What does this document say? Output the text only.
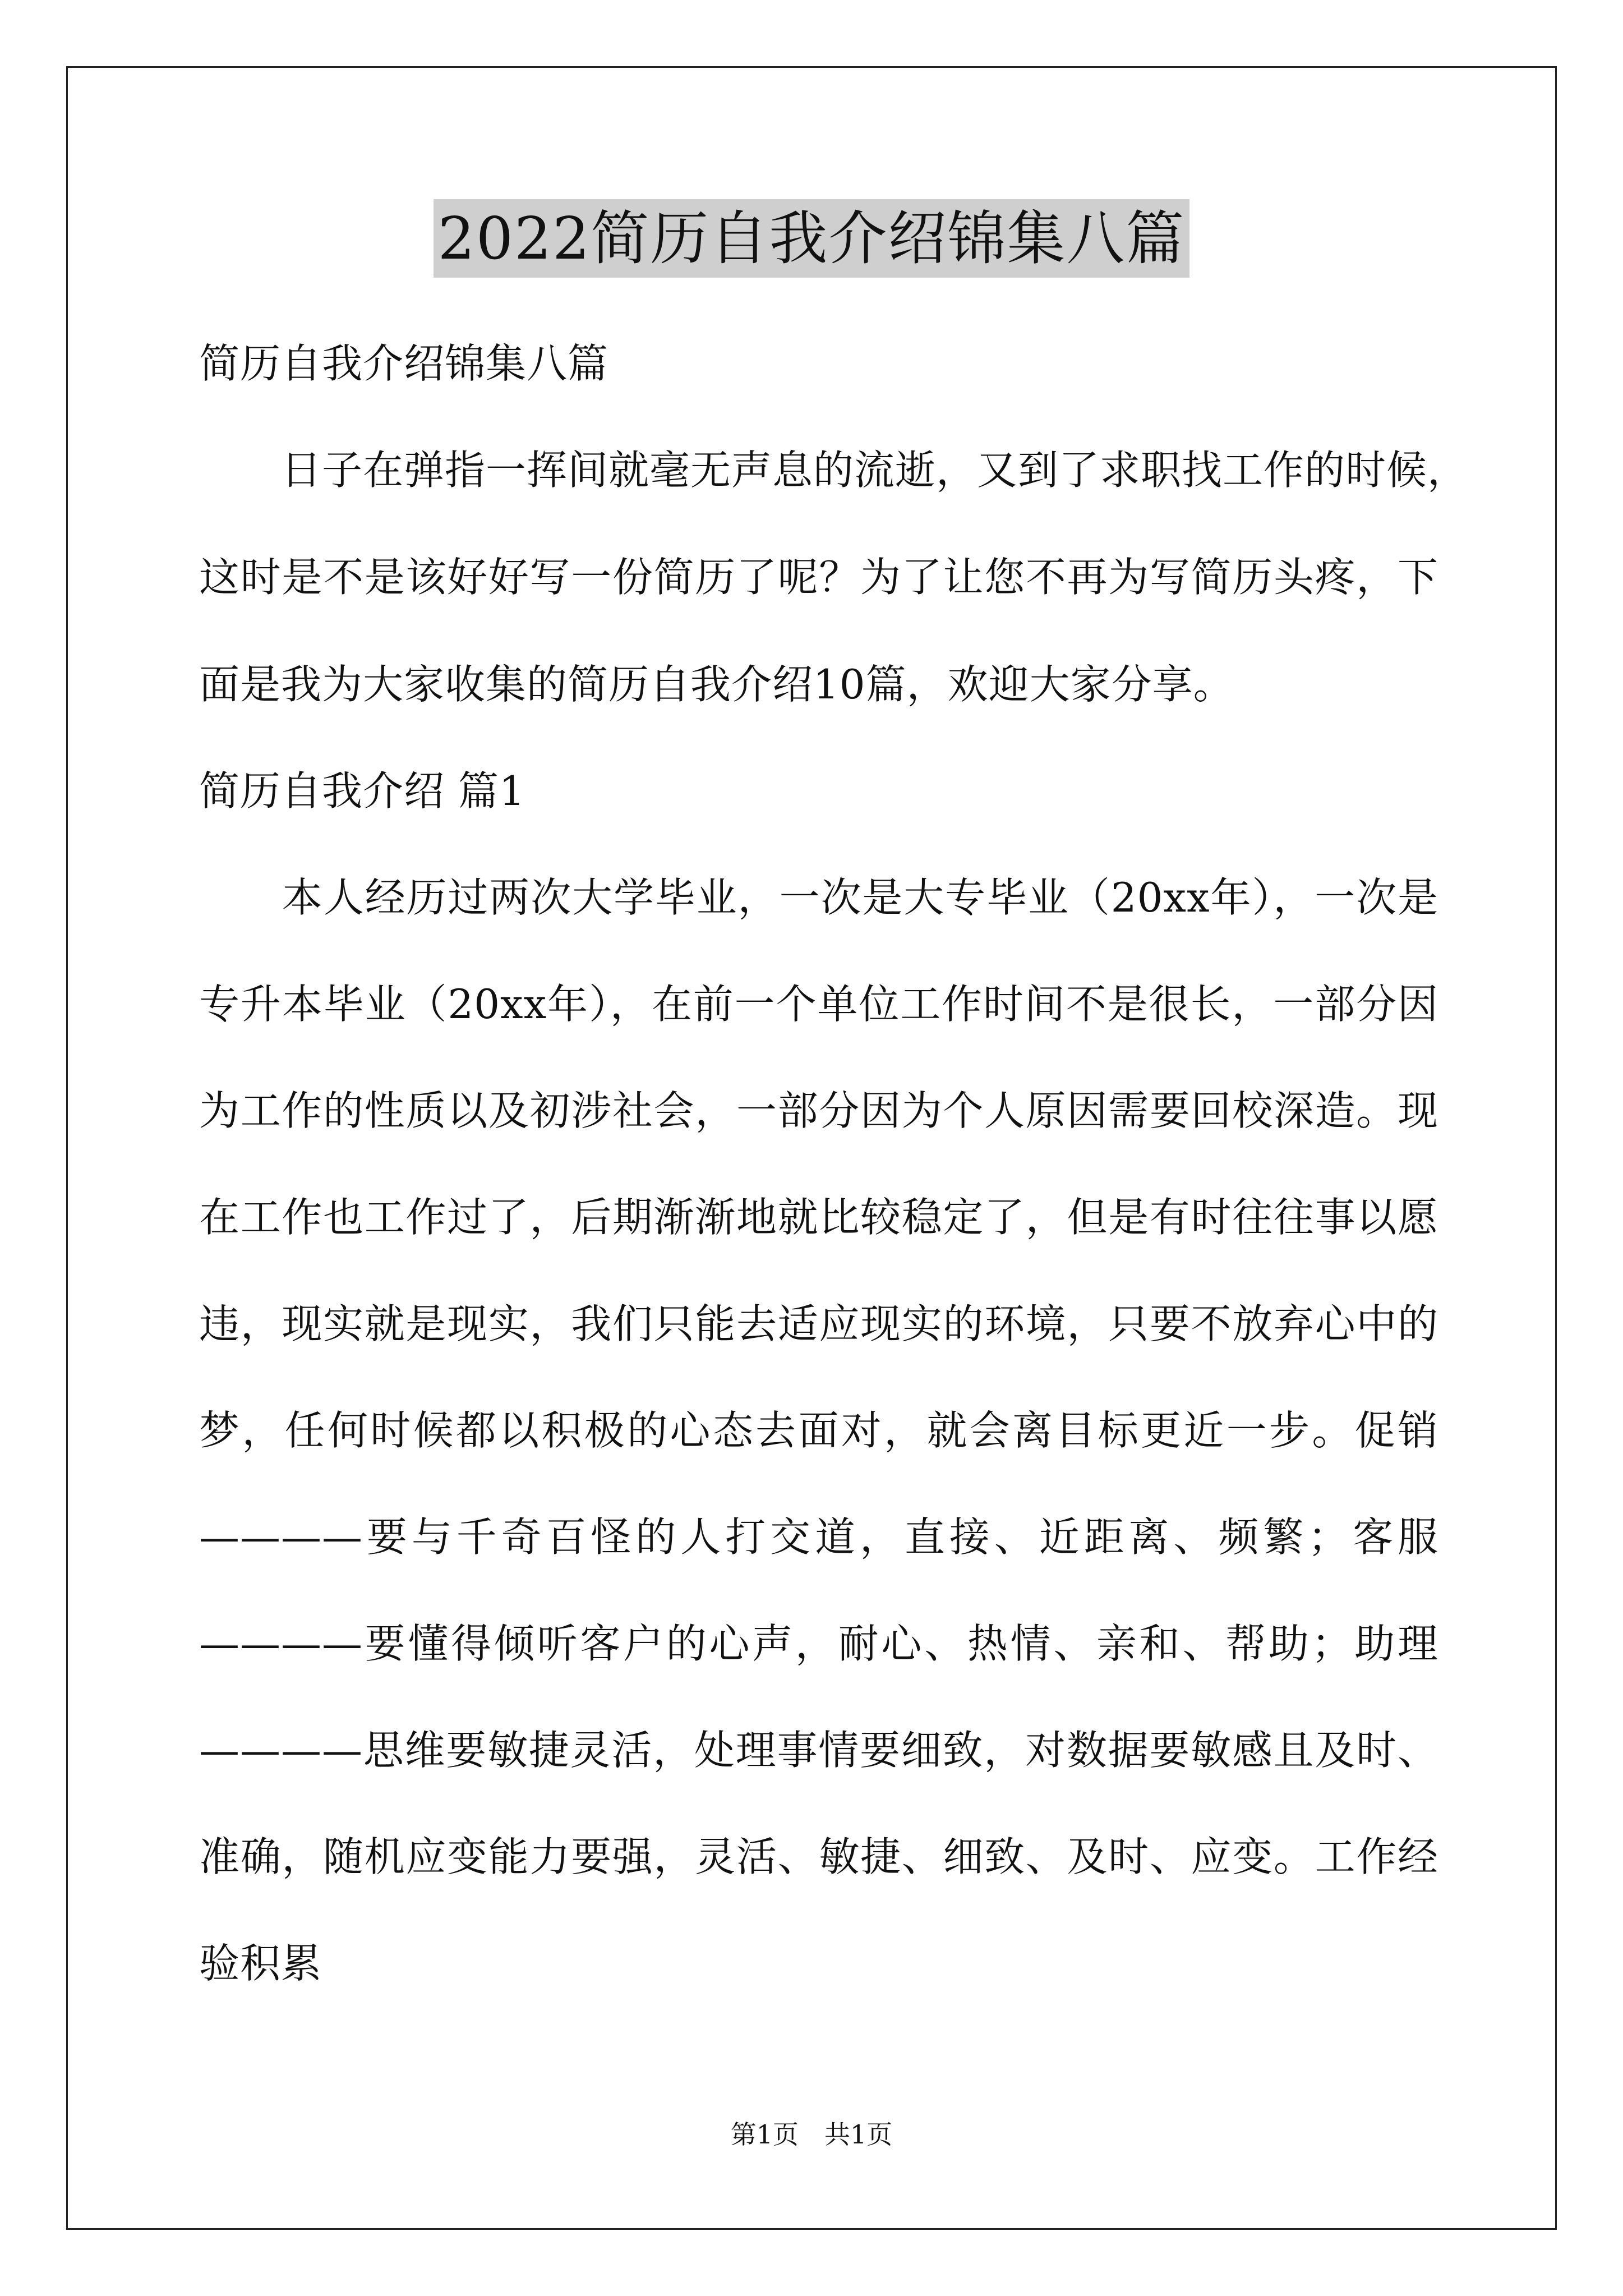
2022简历自我介绍锦集八篇
简历自我介绍锦集八篇
　　日子在弹指一挥间就毫无声息的流逝，又到了求职找工作的时候，
这时是不是该好好写一份简历了呢？为了让您不再为写简历头疼，下
面是我为大家收集的简历自我介绍10篇，欢迎大家分享。
简历自我介绍 篇1
　　本人经历过两次大学毕业，一次是大专毕业（20xx年），一次是
专升本毕业（20xx年），在前一个单位工作时间不是很长，一部分因
为工作的性质以及初涉社会，一部分因为个人原因需要回校深造。现
在工作也工作过了，后期渐渐地就比较稳定了，但是有时往往事以愿
违，现实就是现实，我们只能去适应现实的环境，只要不放弃心中的
梦，任何时候都以积极的心态去面对，就会离目标更近一步。促销
————要与千奇百怪的人打交道，直接、近距离、频繁；客服
————要懂得倾听客户的心声，耐心、热情、亲和、帮助；助理
————思维要敏捷灵活，处理事情要细致，对数据要敏感且及时、
准确，随机应变能力要强，灵活、敏捷、细致、及时、应变。工作经
验积累
第1页　共1页
